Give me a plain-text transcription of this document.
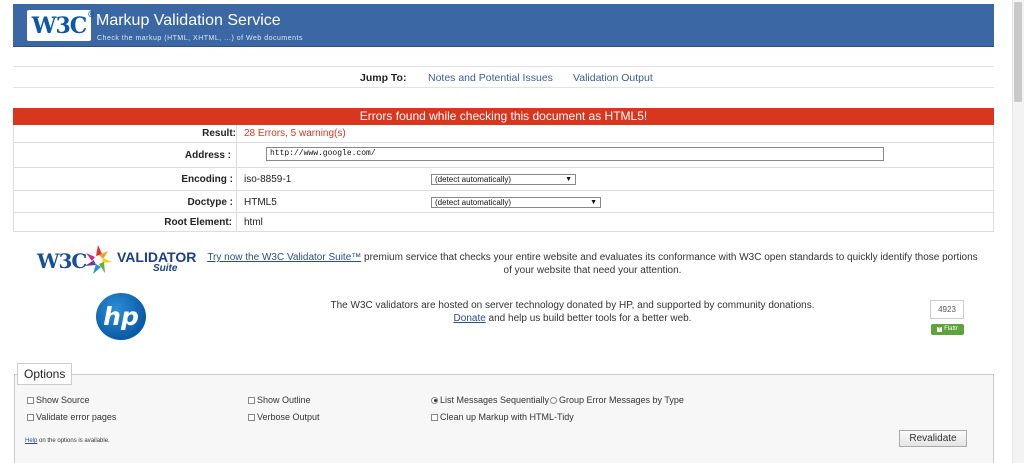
W3C ® Markup Validation Service
Check the markup (HTML, XHTML, ...) of Web documents
Jump To: Notes and Potential Issues Validation Output
Errors found while checking this document as HTML5!
Result: 28 Errors, 5 warning(s)
Address :	http://www.google.com/
Encoding : iso-8859-1	(detect automatically)	▼
Doctype : HTML5	(detect automatically)	▼
Root Element: html
W3C VALIDATOR
Suite
Try now the W3C Validator Suite™ premium service that checks your entire website and evaluates its conformance with W3C open standards to quickly identify those portions of your website that need your attention.
hp	The W3C validators are hosted on server technology donated by HP, and supported by community donations.
Donate and help us build better tools for a better web.
4923
+ Flattr
Options
Show Source	Show Outline	List Messages Sequentially Group Error Messages by Type
Validate error pages	Verbose Output	Clean up Markup with HTML-Tidy
Help on the options is available.	Revalidate
